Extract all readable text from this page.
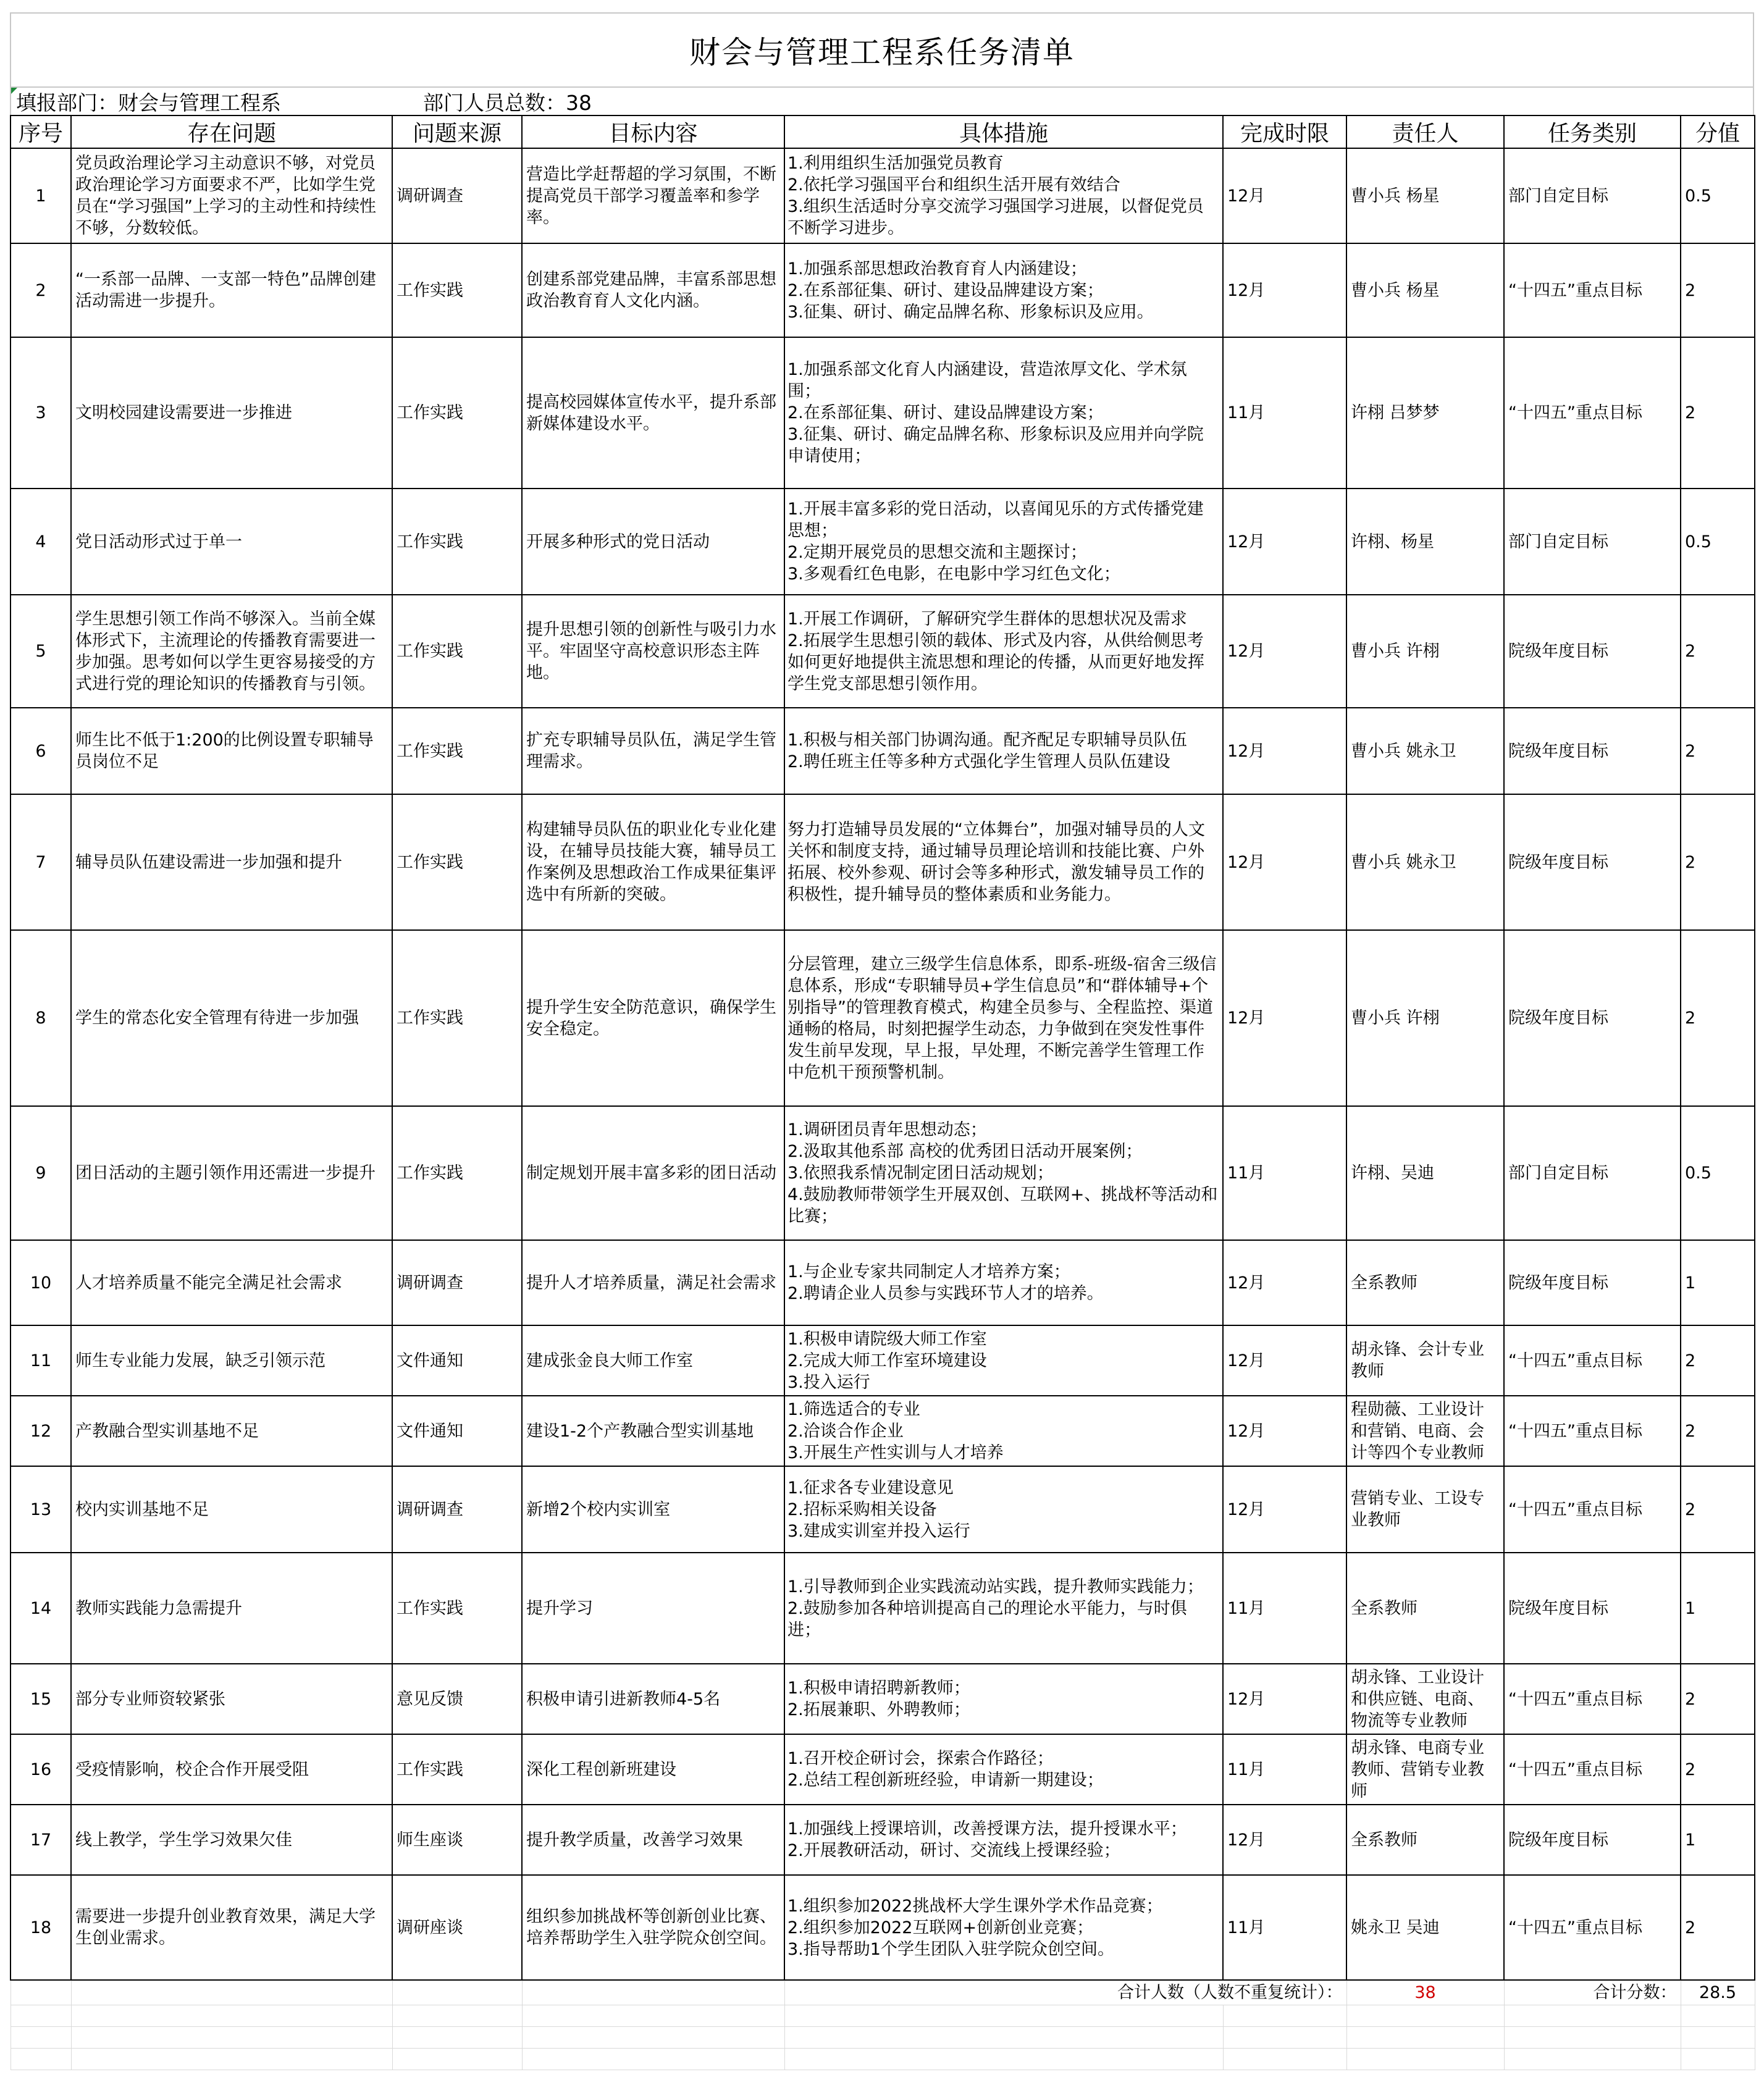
财会与管理工程系任务清单
填报部门：财会与管理工程系	部门人员总数：38
序号	存在问题	问题来源	目标内容	具体措施	完成时限	责任人	任务类别	分值
1	党员政治理论学习主动意识不够，对党员政治理论学习方面要求不严，比如学生党员在“学习强国”上学习的主动性和持续性不够，分数较低。	调研调查	营造比学赶帮超的学习氛围，不断提高党员干部学习覆盖率和参学率。	1.利用组织生活加强党员教育
2.依托学习强国平台和组织生活开展有效结合
3.组织生活适时分享交流学习强国学习进展，以督促党员不断学习进步。	12月	曹小兵 杨星	部门自定目标	0.5
2	“一系部一品牌、一支部一特色”品牌创建活动需进一步提升。	工作实践	创建系部党建品牌，丰富系部思想政治教育育人文化内涵。	1.加强系部思想政治教育育人内涵建设；
2.在系部征集、研讨、建设品牌建设方案；
3.征集、研讨、确定品牌名称、形象标识及应用。	12月	曹小兵 杨星	“十四五”重点目标	2
3	文明校园建设需要进一步推进	工作实践	提高校园媒体宣传水平，提升系部新媒体建设水平。	1.加强系部文化育人内涵建设，营造浓厚文化、学术氛围；
2.在系部征集、研讨、建设品牌建设方案；
3.征集、研讨、确定品牌名称、形象标识及应用并向学院申请使用；	11月	许栩 吕梦梦	“十四五”重点目标	2
4	党日活动形式过于单一	工作实践	开展多种形式的党日活动	1.开展丰富多彩的党日活动，以喜闻见乐的方式传播党建思想；
2.定期开展党员的思想交流和主题探讨；
3.多观看红色电影，在电影中学习红色文化；	12月	许栩、杨星	部门自定目标	0.5
5	学生思想引领工作尚不够深入。当前全媒体形式下，主流理论的传播教育需要进一步加强。思考如何以学生更容易接受的方式进行党的理论知识的传播教育与引领。	工作实践	提升思想引领的创新性与吸引力水平。牢固坚守高校意识形态主阵地。	1.开展工作调研，了解研究学生群体的思想状况及需求
2.拓展学生思想引领的载体、形式及内容，从供给侧思考如何更好地提供主流思想和理论的传播，从而更好地发挥学生党支部思想引领作用。	12月	曹小兵 许栩	院级年度目标	2
6	师生比不低于1:200的比例设置专职辅导员岗位不足	工作实践	扩充专职辅导员队伍，满足学生管理需求。	1.积极与相关部门协调沟通。配齐配足专职辅导员队伍
2.聘任班主任等多种方式强化学生管理人员队伍建设	12月	曹小兵 姚永卫	院级年度目标	2
7	辅导员队伍建设需进一步加强和提升	工作实践	构建辅导员队伍的职业化专业化建设，在辅导员技能大赛，辅导员工作案例及思想政治工作成果征集评选中有所新的突破。	努力打造辅导员发展的“立体舞台”，加强对辅导员的人文关怀和制度支持，通过辅导员理论培训和技能比赛、户外拓展、校外参观、研讨会等多种形式，激发辅导员工作的积极性，提升辅导员的整体素质和业务能力。	12月	曹小兵 姚永卫	院级年度目标	2
8	学生的常态化安全管理有待进一步加强	工作实践	提升学生安全防范意识，确保学生安全稳定。	分层管理，建立三级学生信息体系，即系-班级-宿舍三级信息体系，形成“专职辅导员+学生信息员”和“群体辅导+个别指导”的管理教育模式，构建全员参与、全程监控、渠道通畅的格局，时刻把握学生动态，力争做到在突发性事件发生前早发现，早上报，早处理，不断完善学生管理工作中危机干预预警机制。	12月	曹小兵 许栩	院级年度目标	2
9	团日活动的主题引领作用还需进一步提升	工作实践	制定规划开展丰富多彩的团日活动	1.调研团员青年思想动态；
2.汲取其他系部 高校的优秀团日活动开展案例；
3.依照我系情况制定团日活动规划；
4.鼓励教师带领学生开展双创、互联网+、挑战杯等活动和比赛；	11月	许栩、吴迪	部门自定目标	0.5
10	人才培养质量不能完全满足社会需求	调研调查	提升人才培养质量，满足社会需求	1.与企业专家共同制定人才培养方案；
2.聘请企业人员参与实践环节人才的培养。	12月	全系教师	院级年度目标	1
11	师生专业能力发展，缺乏引领示范	文件通知	建成张金良大师工作室	1.积极申请院级大师工作室
2.完成大师工作室环境建设
3.投入运行	12月	胡永锋、会计专业教师	“十四五”重点目标	2
12	产教融合型实训基地不足	文件通知	建设1-2个产教融合型实训基地	1.筛选适合的专业
2.洽谈合作企业
3.开展生产性实训与人才培养	12月	程勋薇、工业设计和营销、电商、会计等四个专业教师	“十四五”重点目标	2
13	校内实训基地不足	调研调查	新增2个校内实训室	1.征求各专业建设意见
2.招标采购相关设备
3.建成实训室并投入运行	12月	营销专业、工设专业教师	“十四五”重点目标	2
14	教师实践能力急需提升	工作实践	提升学习	1.引导教师到企业实践流动站实践，提升教师实践能力；
2.鼓励参加各种培训提高自己的理论水平能力，与时俱进；	11月	全系教师	院级年度目标	1
15	部分专业师资较紧张	意见反馈	积极申请引进新教师4-5名	1.积极申请招聘新教师；
2.拓展兼职、外聘教师；	12月	胡永锋、工业设计和供应链、电商、物流等专业教师	“十四五”重点目标	2
16	受疫情影响，校企合作开展受阻	工作实践	深化工程创新班建设	1.召开校企研讨会，探索合作路径；
2.总结工程创新班经验，申请新一期建设；	11月	胡永锋、电商专业教师、营销专业教师	“十四五”重点目标	2
17	线上教学，学生学习效果欠佳	师生座谈	提升教学质量，改善学习效果	1.加强线上授课培训，改善授课方法，提升授课水平；
2.开展教研活动，研讨、交流线上授课经验；	12月	全系教师	院级年度目标	1
18	需要进一步提升创业教育效果，满足大学生创业需求。	调研座谈	组织参加挑战杯等创新创业比赛、培养帮助学生入驻学院众创空间。	1.组织参加2022挑战杯大学生课外学术作品竞赛；
2.组织参加2022互联网+创新创业竞赛；
3.指导帮助1个学生团队入驻学院众创空间。	11月	姚永卫 吴迪	“十四五”重点目标	2
				合计人数（人数不重复统计）：		38	合计分数：	28.5
